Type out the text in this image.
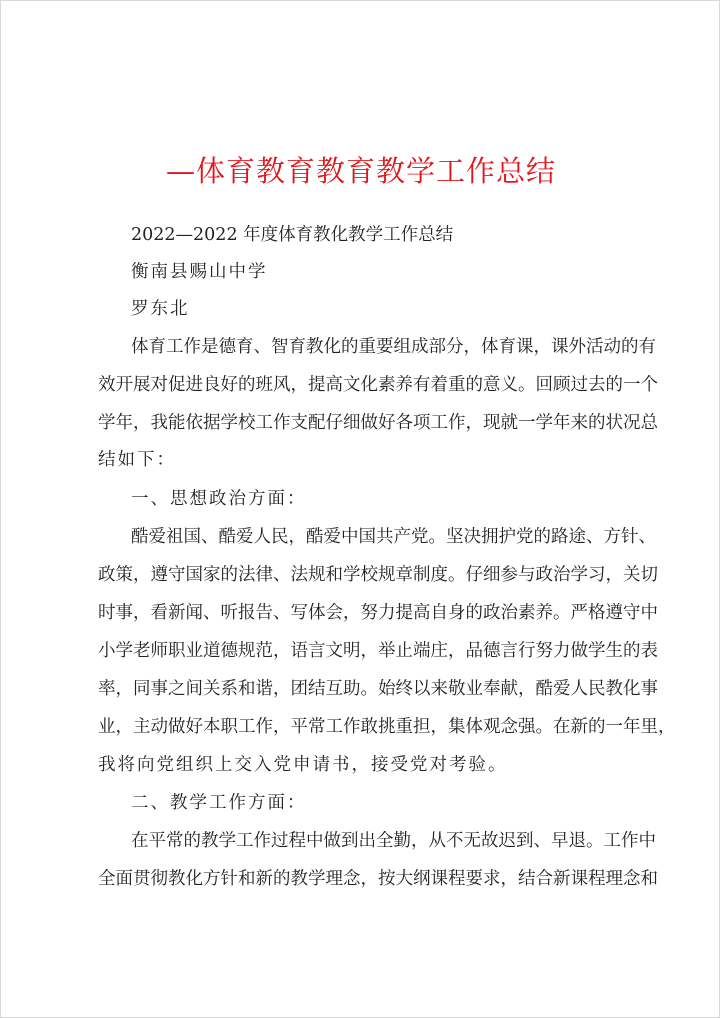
—体育教育教育教学工作总结
2022—2022 年度体育教化教学工作总结
衡南县赐山中学
罗东北
体育工作是德育、智育教化的重要组成部分，体育课，课外活动的有
效开展对促进良好的班风，提高文化素养有着重的意义。回顾过去的一个
学年，我能依据学校工作支配仔细做好各项工作，现就一学年来的状况总
结如下：
一、思想政治方面：
酷爱祖国、酷爱人民，酷爱中国共产党。坚决拥护党的路途、方针、
政策，遵守国家的法律、法规和学校规章制度。仔细参与政治学习，关切
时事，看新闻、听报告、写体会，努力提高自身的政治素养。严格遵守中
小学老师职业道德规范，语言文明，举止端庄，品德言行努力做学生的表
率，同事之间关系和谐，团结互助。始终以来敬业奉献，酷爱人民教化事
业，主动做好本职工作，平常工作敢挑重担，集体观念强。在新的一年里，
我将向党组织上交入党申请书，接受党对考验。
二、教学工作方面：
在平常的教学工作过程中做到出全勤，从不无故迟到、早退。工作中
全面贯彻教化方针和新的教学理念，按大纲课程要求，结合新课程理念和
